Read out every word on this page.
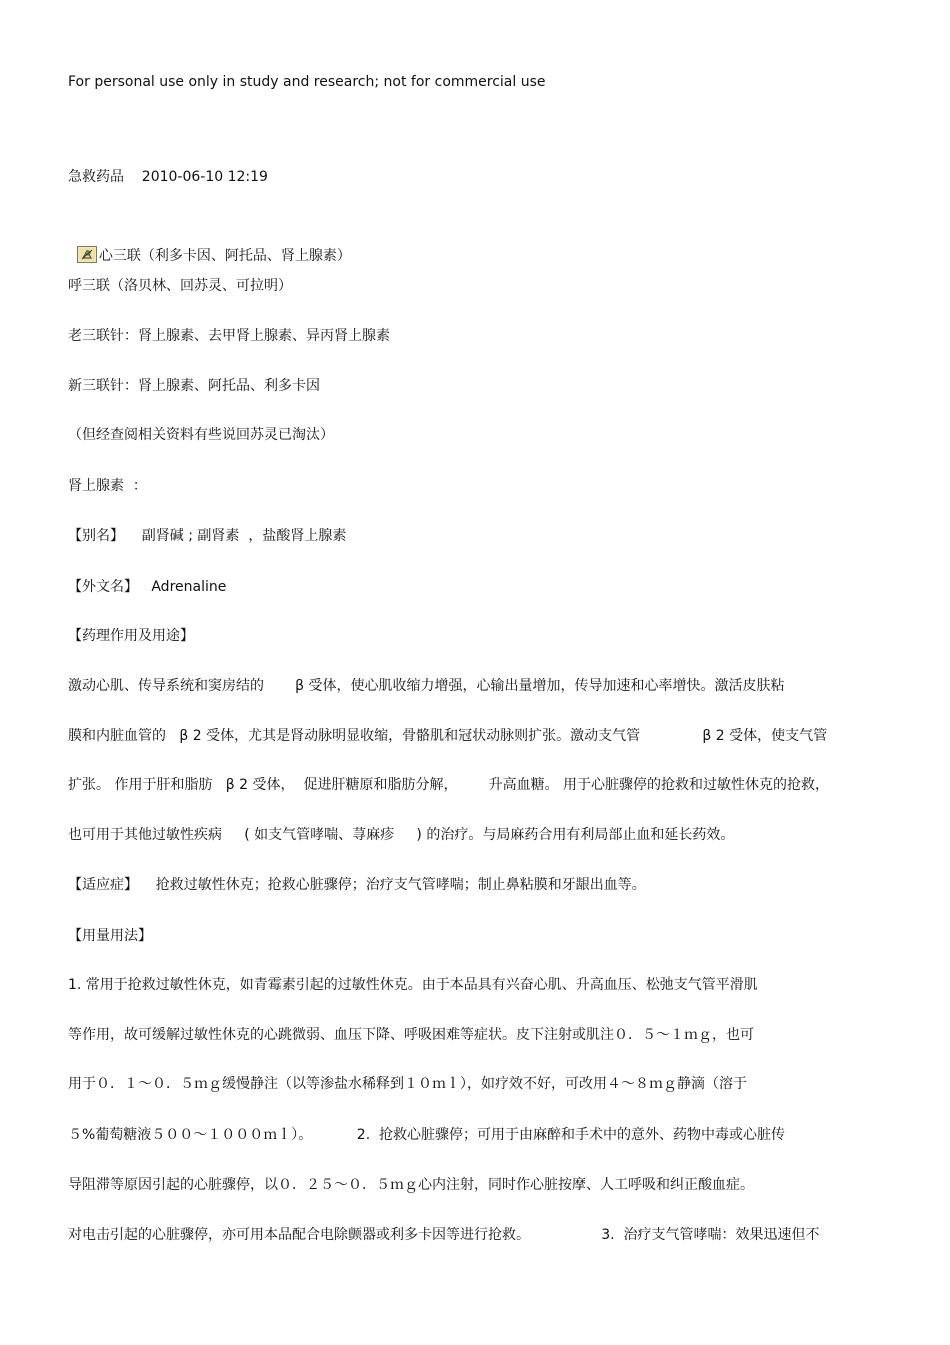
For personal use only in study and research; not for commercial use
急救药品    2010-06-10 12:19

心三联（利多卡因、阿托品、肾上腺素）

呼三联（洛贝林、回苏灵、可拉明）
老三联针：肾上腺素、去甲肾上腺素、异丙肾上腺素
新三联针：肾上腺素、阿托品、利多卡因
（但经查阅相关资料有些说回苏灵已淘汰）
肾上腺素  ：
【别名】    副肾碱 ; 副肾素  ，盐酸肾上腺素
【外文名】   Adrenaline
【药理作用及用途】
激动心肌、传导系统和窦房结的       β 受体，使心肌收缩力增强，心输出量增加，传导加速和心率增快。激活皮肤粘
膜和内脏血管的   β 2 受体，尤其是肾动脉明显收缩，骨骼肌和冠状动脉则扩张。激动支气管              β 2 受体，使支气管
扩张。 作用于肝和脂肪   β 2 受体，  促进肝糖原和脂肪分解，       升高血糖。 用于心脏骤停的抢救和过敏性休克的抢救，
也可用于其他过敏性疾病     ( 如支气管哮喘、荨麻疹     ) 的治疗。与局麻药合用有利局部止血和延长药效。
【适应症】    抢救过敏性休克；抢救心脏骤停；治疗支气管哮喘；制止鼻粘膜和牙龈出血等。
【用量用法】
1. 常用于抢救过敏性休克，如青霉素引起的过敏性休克。由于本品具有兴奋心肌、升高血压、松弛支气管平滑肌
等作用，故可缓解过敏性休克的心跳微弱、血压下降、呼吸困难等症状。皮下注射或肌注０．５～１ｍｇ，也可
用于０．１～０．５ｍｇ缓慢静注（以等渗盐水稀释到１０ｍｌ），如疗效不好，可改用４～８ｍｇ静滴（溶于
５%葡萄糖液５００～１０００ｍｌ）。          2.  抢救心脏骤停；可用于由麻醉和手术中的意外、药物中毒或心脏传
导阻滞等原因引起的心脏骤停，以０．２５～０．５ｍｇ心内注射，同时作心脏按摩、人工呼吸和纠正酸血症。
对电击引起的心脏骤停，亦可用本品配合电除颤器或利多卡因等进行抢救。                3.  治疗支气管哮喘：效果迅速但不
